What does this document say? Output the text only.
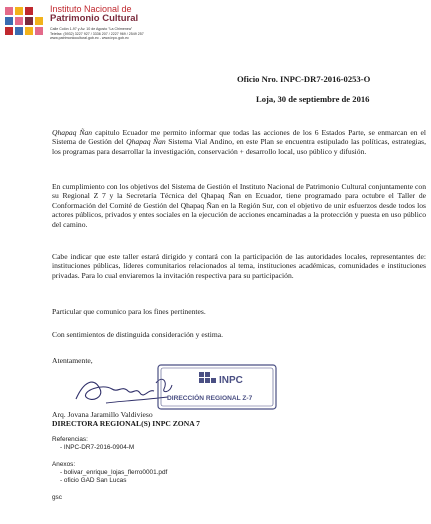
Instituto Nacional de
Patrimonio Cultural
Calle Colón 1-97 y Av. 10 de Agosto "La Chimenea"
Telefax: (5932) 3227 927 / 3336 207 / 2227 969 / 2549 257
www.patrimoniocultural.gob.ec - www.inpc.gob.ec
Oficio Nro. INPC-DR7-2016-0253-O
Loja, 30 de septiembre de 2016
Qhapaq Ñan capitulo Ecuador me permito informar que todas las acciones de los 6 Estados Parte, se enmarcan en el Sistema de Gestión del Qhapaq Ñan Sistema Vial Andino, en este Plan se encuentra estipulado las políticas, estrategias, los programas para desarrollar la investigación, conservación + desarrollo local, uso público y difusión.
En cumplimiento con los objetivos del Sistema de Gestión el Instituto Nacional de Patrimonio Cultural conjuntamente con su Regional Z 7 y la Secretaría Técnica del Qhapaq Ñan en Ecuador, tiene programado para octubre el Taller de Conformación del Comité de Gestión del Qhapaq Ñan en la Región Sur, con el objetivo de unir esfuerzos desde todos los actores públicos, privados y entes sociales en la ejecución de acciones encaminadas a la protección y puesta en uso público del camino.
Cabe indicar que este taller estará dirigido y contará con la participación de las autoridades locales, representantes de: instituciones públicas, líderes comunitarios relacionados al tema, instituciones académicas, comunidades e instituciones privadas. Para lo cual enviaremos la invitación respectiva para su participación.
Particular que comunico para los fines pertinentes.
Con sentimientos de distinguida consideración y estima.
Atentamente,
INPC
DIRECCIÓN REGIONAL Z-7
Arq. Jovana Jaramillo Valdivieso
DIRECTORA REGIONAL(S) INPC ZONA 7
Referencias:
- INPC-DR7-2016-0904-M
Anexos:
- bolivar_enrique_lojas_flerro0001.pdf
- oficio GAD San Lucas
gsc
